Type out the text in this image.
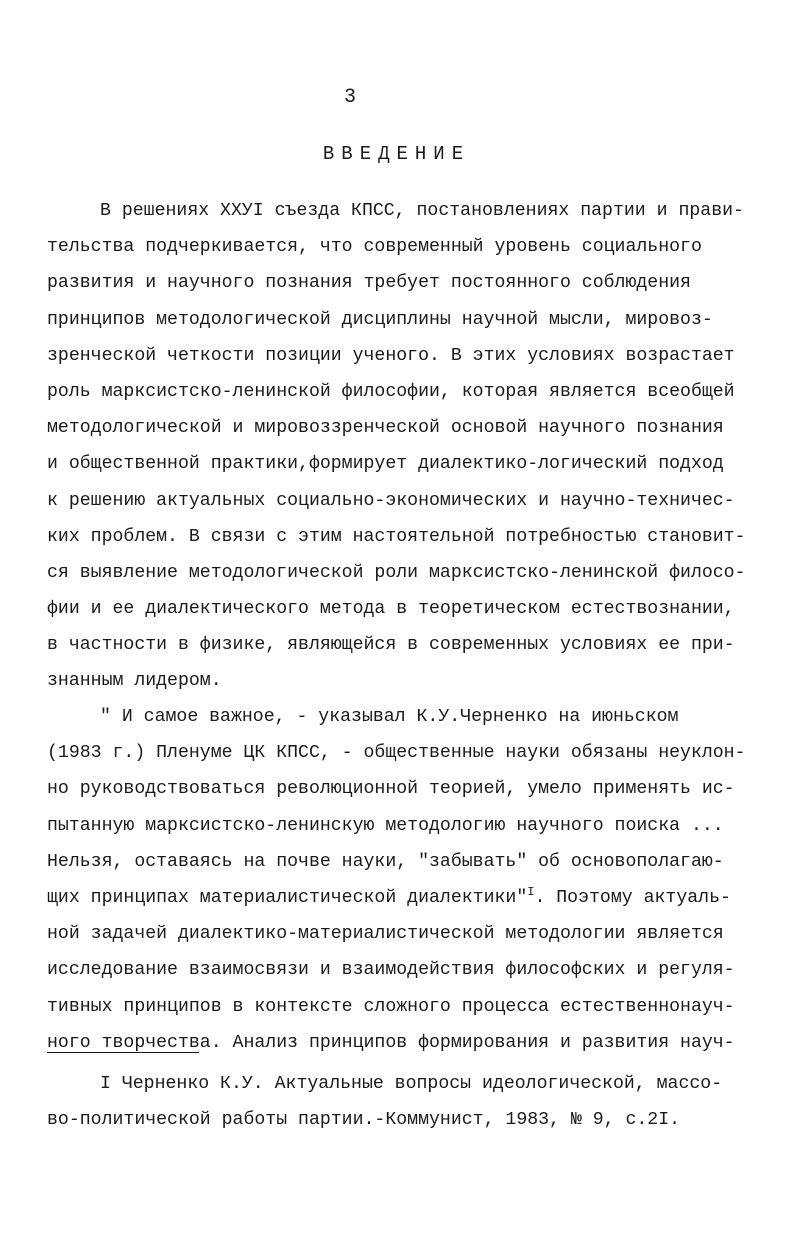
3
ВВЕДЕНИЕ
В решениях ХХУI съезда КПСС, постановлениях партии и прави-
тельства подчеркивается, что современный уровень социального
развития и научного познания требует постоянного соблюдения
принципов методологической дисциплины научной мысли, мировоз-
зренческой четкости позиции ученого. В этих условиях возрастает
роль марксистско-ленинской философии, которая является всеобщей
методологической и мировоззренческой основой научного познания
и общественной практики,формирует диалектико-логический подход
к решению актуальных социально-экономических и научно-техничес-
ких проблем. В связи с этим настоятельной потребностью становит-
ся выявление методологической роли марксистско-ленинской филосо-
фии и ее диалектического метода в теоретическом естествознании,
в частности в физике, являющейся в современных условиях ее при-
знанным лидером.
" И самое важное, - указывал К.У.Черненко на июньском
(1983 г.) Пленуме ЦК КПСС, - общественные науки обязаны неуклон-
но руководствоваться революционной теорией, умело применять ис-
пытанную марксистско-ленинскую методологию научного поиска ...
Нельзя, оставаясь на почве науки, "забывать" об основополагаю-
щих принципах материалистической диалектики"$^I$. Поэтому актуаль-
ной задачей диалектико-материалистической методологии является
исследование взаимосвязи и взаимодействия философских и регуля-
тивных принципов в контексте сложного процесса естественнонауч-
ного творчества. Анализ принципов формирования и развития науч-
I Черненко К.У. Актуальные вопросы идеологической, массо-
во-политической работы партии.-Коммунист, 1983, № 9, с.2I.
